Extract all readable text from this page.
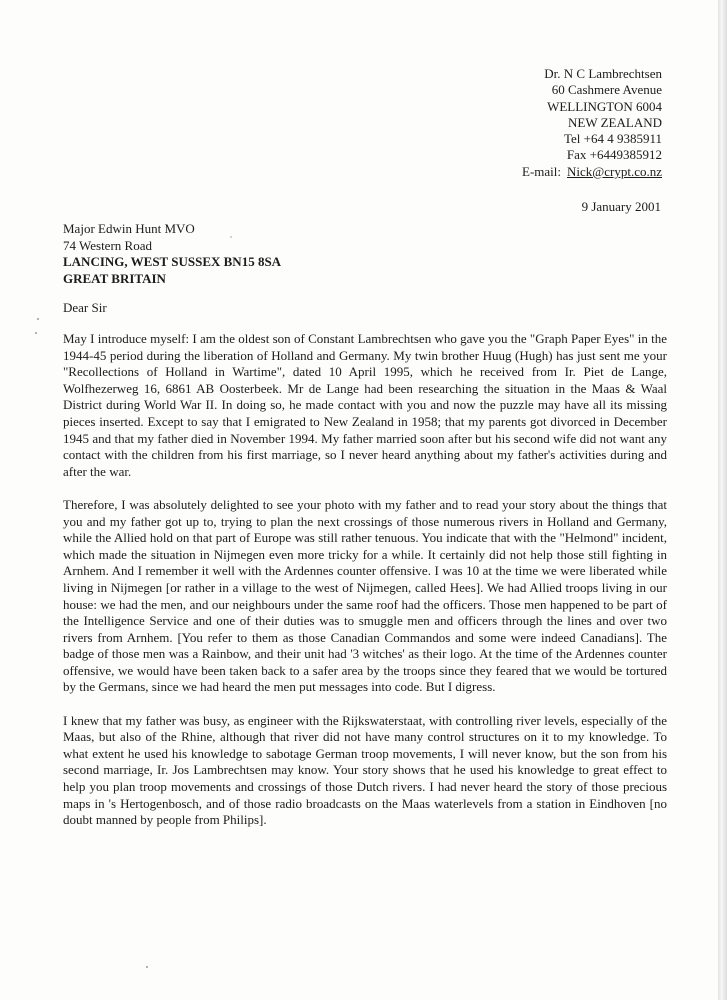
Dr. N C Lambrechtsen
60 Cashmere Avenue
WELLINGTON 6004
NEW ZEALAND
Tel +64 4 9385911
Fax +6449385912
E-mail: Nick@crypt.co.nz
9 January 2001
Major Edwin Hunt MVO
74 Western Road
LANCING, WEST SUSSEX BN15 8SA
GREAT BRITAIN
Dear Sir

May I introduce myself: I am the oldest son of Constant Lambrechtsen who gave you the "Graph Paper Eyes" in the 1944-45 period during the liberation of Holland and Germany. My twin brother Huug (Hugh) has just sent me your "Recollections of Holland in Wartime", dated 10 April 1995, which he received from Ir. Piet de Lange, Wolfhezerweg 16, 6861 AB Oosterbeek. Mr de Lange had been researching the situation in the Maas & Waal District during World War II. In doing so, he made contact with you and now the puzzle may have all its missing pieces inserted. Except to say that I emigrated to New Zealand in 1958; that my parents got divorced in December 1945 and that my father died in November 1994. My father married soon after but his second wife did not want any contact with the children from his first marriage, so I never heard anything about my father's activities during and after the war.

Therefore, I was absolutely delighted to see your photo with my father and to read your story about the things that you and my father got up to, trying to plan the next crossings of those numerous rivers in Holland and Germany, while the Allied hold on that part of Europe was still rather tenuous. You indicate that with the "Helmond" incident, which made the situation in Nijmegen even more tricky for a while. It certainly did not help those still fighting in Arnhem. And I remember it well with the Ardennes counter offensive. I was 10 at the time we were liberated while living in Nijmegen [or rather in a village to the west of Nijmegen, called Hees]. We had Allied troops living in our house: we had the men, and our neighbours under the same roof had the officers. Those men happened to be part of the Intelligence Service and one of their duties was to smuggle men and officers through the lines and over two rivers from Arnhem. [You refer to them as those Canadian Commandos and some were indeed Canadians]. The badge of those men was a Rainbow, and their unit had '3 witches' as their logo. At the time of the Ardennes counter offensive, we would have been taken back to a safer area by the troops since they feared that we would be tortured by the Germans, since we had heard the men put messages into code. But I digress.

I knew that my father was busy, as engineer with the Rijkswaterstaat, with controlling river levels, especially of the Maas, but also of the Rhine, although that river did not have many control structures on it to my knowledge. To what extent he used his knowledge to sabotage German troop movements, I will never know, but the son from his second marriage, Ir. Jos Lambrechtsen may know. Your story shows that he used his knowledge to great effect to help you plan troop movements and crossings of those Dutch rivers. I had never heard the story of those precious maps in 's Hertogenbosch, and of those radio broadcasts on the Maas waterlevels from a station in Eindhoven [no doubt manned by people from Philips].
